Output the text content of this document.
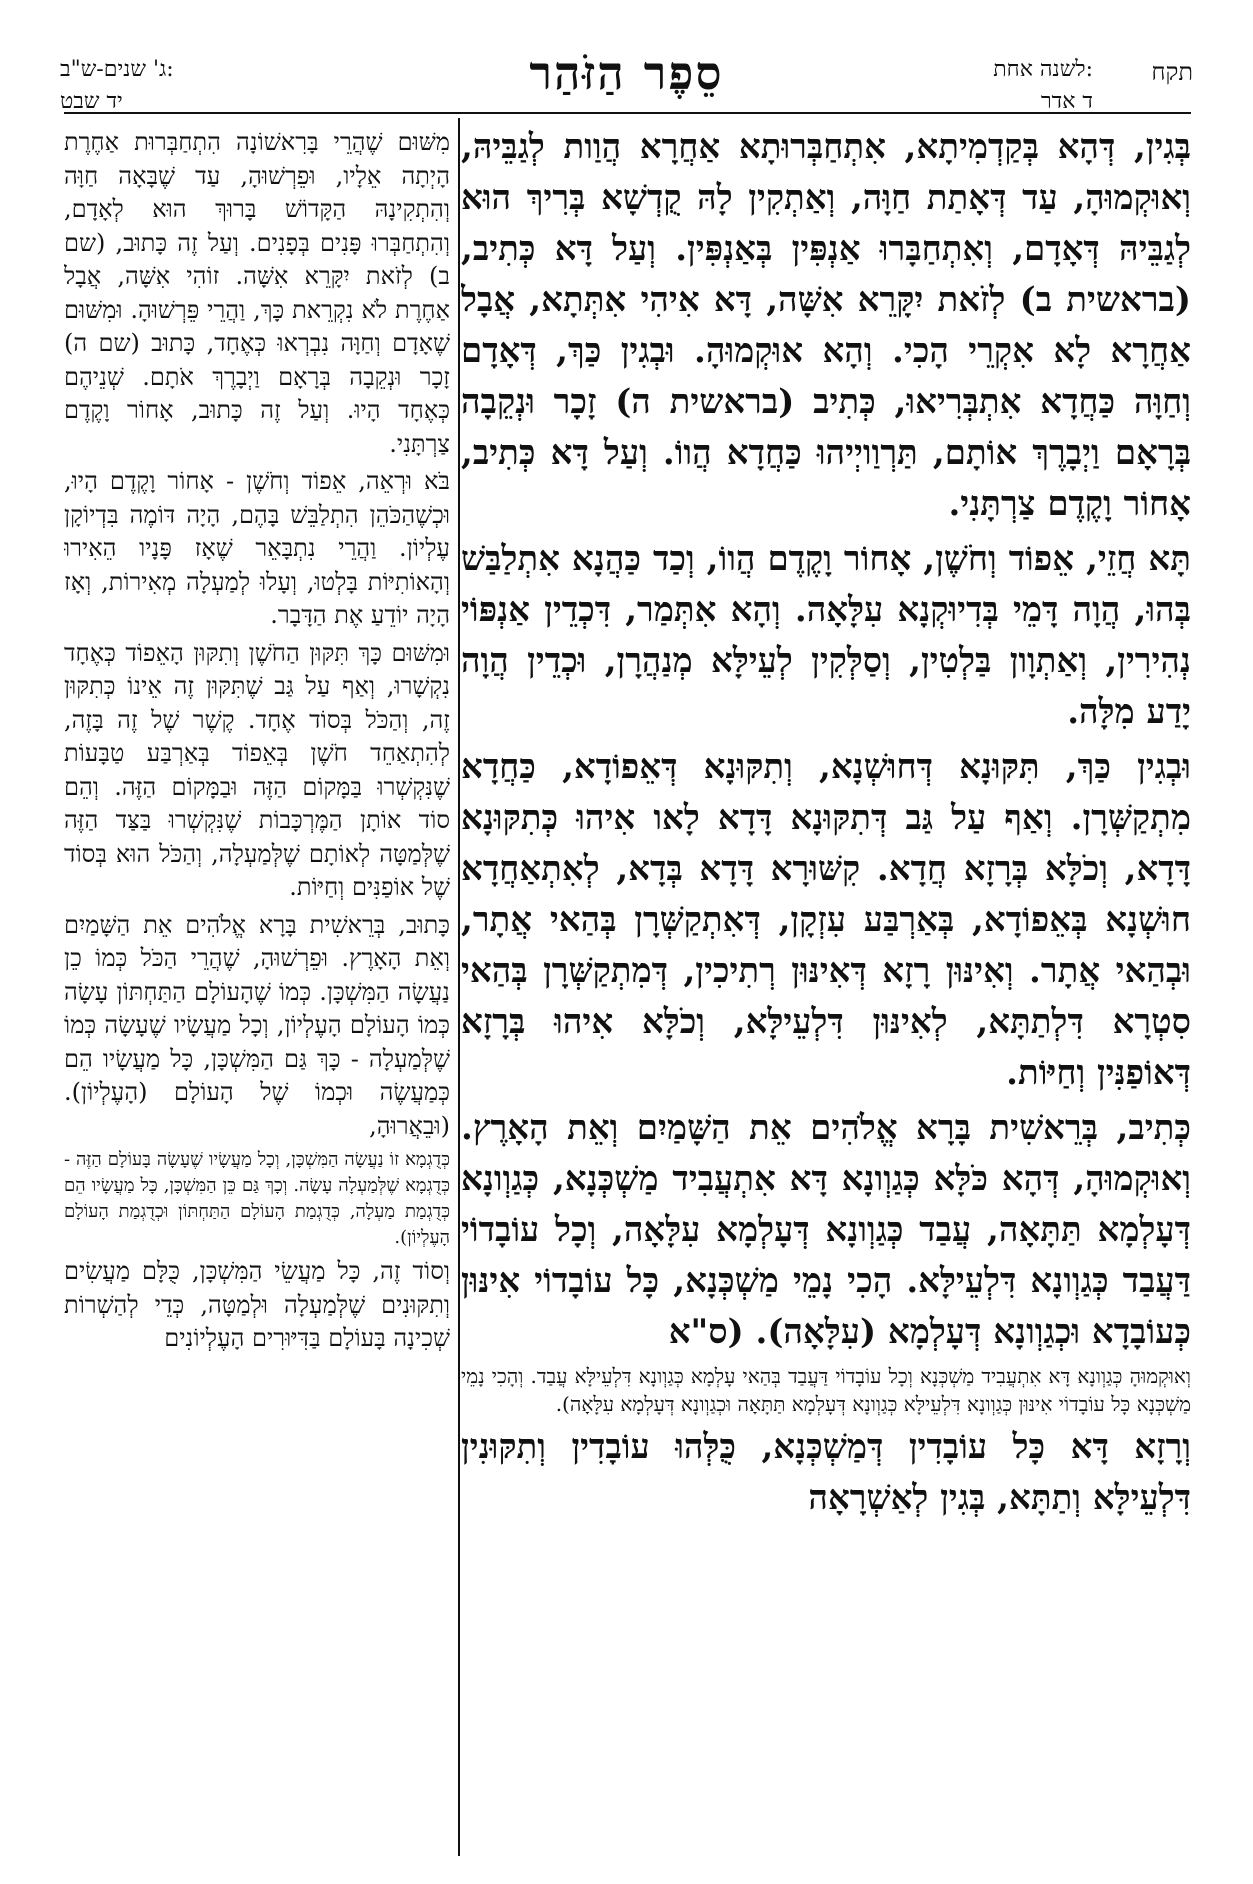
תקח
לשנה אחת:
ד אדר
סֵפֶר הַזֹּהַר
ג' שנים-ש"ב:
יד שבט

בְּגִין, דְּהָא בְּקַדְמִיתָא, אִתְחַבְּרוּתָא אַחֲרָא הֲוַות לְגַבֵּיהּ, וְאוּקְמוּהָ, עַד דְּאָתַת חַוָּה, וְאַתְקִין לָהּ קֻדְשָׁא בְּרִיךְ הוּא לְגַבֵּיהּ דְּאָדָם, וְאִתְחַבָּרוּ אַנְפִּין בְּאַנְפִּין. וְעַל דָּא כְּתִיב, (בראשית ב) לְזֹאת יִקָּרֵא אִשָּׁה, דָּא אִיהִי אִתְּתָא, אֲבָל אַחֲרָא לָא אִקְרֵי הָכִי. וְהָא אוּקְמוּהָ. וּבְגִין כַּךְ, דְּאָדָם וְחַוָּה כַּחֲדָא אִתְבְּרִיאוּ, כְּתִיב (בראשית ה) זָכָר וּנְקֵבָה בְּרָאָם וַיְבָרֶךְ אוֹתָם, תַּרְוַויְיהוּ כַּחֲדָא הֲווֹ. וְעַל דָּא כְּתִיב, אָחוֹר וָקֶדֶם צַרְתָּנִי.

תָּא חֲזֵי, אֵפוֹד וְחֹשֶׁן, אָחוֹר וָקֶדֶם הֲווֹ, וְכַד כַּהֲנָא אִתְלַבַּשׁ בְּהוּ, הֲוָה דָּמֵי בְּדִיוּקְנָא עִלָּאָה. וְהָא אִתְּמַר, דִּכְדֵין אַנְפּוֹי נְהִירִין, וְאַתְוָון בַּלְטִין, וְסַלְּקִין לְעֵילָּא מְנַהֲרָן, וּכְדֵין הֲוָה יָדַע מִלָּה.

וּבְגִין כַּךְ, תִּקּוּנָא דְּחוּשְׁנָא, וְתִקּוּנָא דְּאֵפוֹדָא, כַּחֲדָא מִתְקַשְּׁרָן. וְאַף עַל גַּב דְּתִקּוּנָא דָּדָא לָאו אִיהוּ כְּתִקּוּנָא דָּדָא, וְכֹלָּא בְּרָזָא חֲדָא. קִשּׁוּרָא דָּדָא בְּדָא, לְאִתְאַחֲדָא חוּשְׁנָא בְּאֵפוֹדָא, בְּאַרְבַּע עִזְקָן, דְּאִתְקַשְּׁרָן בְּהַאי אֲתָר, וּבְהַאי אֲתָר. וְאִינּוּן רָזָא דְּאִינּוּן רְתִיכִין, דְּמִתְקַשְּׁרָן בְּהַאי סִטְרָא דִּלְתַתָּא, לְאִינּוּן דִּלְעֵילָּא, וְכֹלָּא אִיהוּ בְּרָזָא דְּאוֹפַנִּין וְחַיּוֹת.

כְּתִיב, בְּרֵאשִׁית בָּרָא אֱלֹהִים אֵת הַשָּׁמַיִם וְאֵת הָאָרֶץ. וְאוּקְמוּהָ, דְּהָא כֹּלָּא כְּגַוְונָא דָּא אִתְעֲבִיד מַשְׁכְּנָא, כְּגַוְונָא דְּעָלְמָא תַּתָּאָה, עֲבַד כְּגַוְונָא דְּעָלְמָא עִלָּאָה, וְכָל עוֹבָדוֹי דַּעֲבַד כְּגַוְונָא דִּלְעֵילָּא. הָכִי נָמֵי מַשְׁכְּנָא, כָּל עוֹבָדוֹי אִינּוּן כְּעוֹבָדָא וּכְגַוְונָא דְּעָלְמָא (עִלָּאָה). (ס"א

וְאוּקְמוּהָ כְּגַוְונָא דָּא אִתְעֲבִיד מַשְׁכְּנָא וְכָל עוֹבָדוֹי דַּעֲבַד בְּהַאי עָלְמָא כְּגַוְונָא דִּלְעֵילָּא עֲבַד. וְהָכִי נָמֵי מַשְׁכְּנָא כָּל עוֹבָדוֹי אִינּוּן כְּגַוְונָא דִּלְעֵילָּא כְּגַוְונָא דְּעָלְמָא תַּתָּאָה וּכְגַוְונָא דְּעָלְמָא עִלָּאָה).

וְרָזָא דָּא כָּל עוֹבָדִין דְּמַשְׁכְּנָא, כֻּלְּהוּ עוֹבָדִין וְתִקּוּנִין דִּלְעֵילָּא וְתַתָּא, בְּגִין לְאַשְׁרָאָה

מִשּׁוּם שֶׁהֲרֵי בָּרִאשׁוֹנָה הִתְחַבְּרוּת אַחֶרֶת הָיְתָה אֵלָיו, וּפֵרְשׁוּהָ, עַד שֶׁבָּאָה חַוָּה וְהִתְקִינָהּ הַקָּדוֹשׁ בָּרוּךְ הוּא לְאָדָם, וְהִתְחַבְּרוּ פָּנִים בְּפָנִים. וְעַל זֶה כָּתוּב, (שם ב) לְזֹאת יִקָּרֵא אִשָּׁה. זוֹהִי אִשָּׁה, אֲבָל אַחֶרֶת לֹא נִקְרֵאת כָּךְ, וַהֲרֵי פֵּרְשׁוּהָ. וּמִשּׁוּם שֶׁאָדָם וְחַוָּה נִבְרְאוּ כְּאֶחָד, כָּתוּב (שם ה) זָכָר וּנְקֵבָה בְּרָאָם וַיְבָרֶךְ אֹתָם. שְׁנֵיהֶם כְּאֶחָד הָיוּ. וְעַל זֶה כָּתוּב, אָחוֹר וָקֶדֶם צַרְתָּנִי.

בֹּא וּרְאֵה, אֵפוֹד וְחֹשֶׁן - אָחוֹר וָקֶדֶם הָיוּ, וּכְשֶׁהַכֹּהֵן הִתְלַבֵּשׁ בָּהֶם, הָיָה דּוֹמֶה בִּדְיוֹקָן עֶלְיוֹן. וַהֲרֵי נִתְבָּאֵר שֶׁאָז פָּנָיו הֵאִירוּ וְהָאוֹתִיּוֹת בָּלְטוּ, וְעָלוּ לְמַעְלָה מְאִירוֹת, וְאָז הָיָה יוֹדֵעַ אֶת הַדָּבָר.

וּמִשּׁוּם כָּךְ תִּקּוּן הַחֹשֶׁן וְתִקּוּן הָאֵפוֹד כְּאֶחָד נִקְשָׁרוּ, וְאַף עַל גַּב שֶׁתִּקּוּן זֶה אֵינוֹ כְּתִקּוּן זֶה, וְהַכֹּל בְּסוֹד אֶחָד. קֶשֶׁר שֶׁל זֶה בָּזֶה, לְהִתְאַחֵד חֹשֶׁן בְּאֵפוֹד בְּאַרְבַּע טַבָּעוֹת שֶׁנִּקְשְׁרוּ בַּמָּקוֹם הַזֶּה וּבַמָּקוֹם הַזֶּה. וְהֵם סוֹד אוֹתָן הַמֶּרְכָּבוֹת שֶׁנִּקְשְׁרוּ בַּצַּד הַזֶּה שֶׁלְּמַטָּה לְאוֹתָם שֶׁלְּמַעְלָה, וְהַכֹּל הוּא בְּסוֹד שֶׁל אוֹפַנִּים וְחַיּוֹת.

כָּתוּב, בְּרֵאשִׁית בָּרָא אֱלֹהִים אֵת הַשָּׁמַיִם וְאֵת הָאָרֶץ. וּפֵרְשׁוּהָ, שֶׁהֲרֵי הַכֹּל כְּמוֹ כֵן נַעֲשָׂה הַמִּשְׁכָּן. כְּמוֹ שֶׁהָעוֹלָם הַתַּחְתּוֹן עָשָׂה כְּמוֹ הָעוֹלָם הָעֶלְיוֹן, וְכָל מַעֲשָׂיו שֶׁעָשָׂה כְּמוֹ שֶׁלְּמַעְלָה - כָּךְ גַּם הַמִּשְׁכָּן, כָּל מַעֲשָׂיו הֵם כְּמַעֲשֶׂה וּכְמוֹ שֶׁל הָעוֹלָם (הָעֶלְיוֹן). (וּבֵאֲרוּהָ,

כְּדֻגְמָא זוֹ נַעֲשָׂה הַמִּשְׁכָּן, וְכָל מַעֲשָׂיו שֶׁעָשָׂה בָּעוֹלָם הַזֶּה - כְּדֻגְמָא שֶׁלְּמַעְלָה עָשָׂה. וְכָךְ גַּם כֵּן הַמִּשְׁכָּן, כָּל מַעֲשָׂיו הֵם כְּדֻגְמַת מַעְלָה, כְּדֻגְמַת הָעוֹלָם הַתַּחְתּוֹן וּכְדֻגְמַת הָעוֹלָם הָעֶלְיוֹן).

וְסוֹד זֶה, כָּל מַעֲשֵׂי הַמִּשְׁכָּן, כֻּלָּם מַעֲשִׂים וְתִקּוּנִים שֶׁלְּמַעְלָה וּלְמַטָּה, כְּדֵי לְהַשְׁרוֹת שְׁכִינָה בָּעוֹלָם בַּדִּיּוּרִים הָעֶלְיוֹנִים
